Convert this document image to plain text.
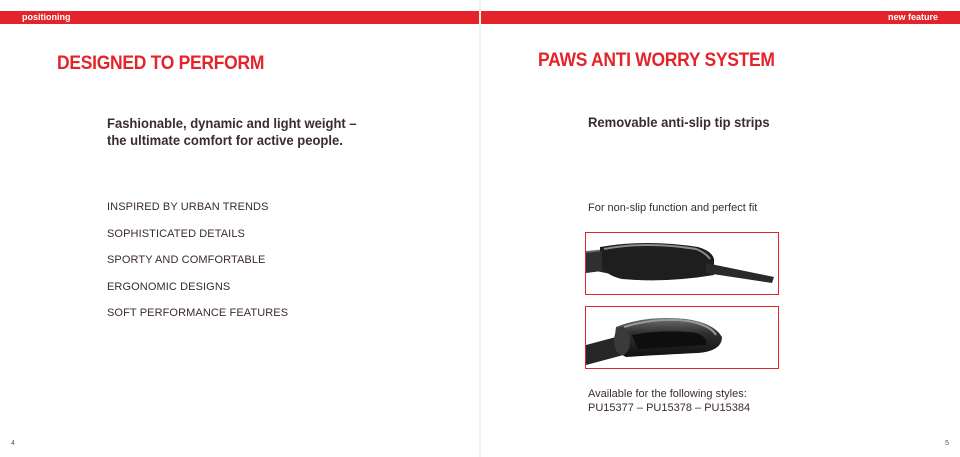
positioning
DESIGNED TO PERFORM
Fashionable, dynamic and light weight –
the ultimate comfort for active people.
INSPIRED BY URBAN TRENDS
SOPHISTICATED DETAILS
SPORTY AND COMFORTABLE
ERGONOMIC DESIGNS
SOFT PERFORMANCE FEATURES
4
new feature
PAWS ANTI WORRY SYSTEM
Removable anti-slip tip strips
For non-slip function and perfect fit
5
Available for the following styles:
PU15377 – PU15378 – PU15384
